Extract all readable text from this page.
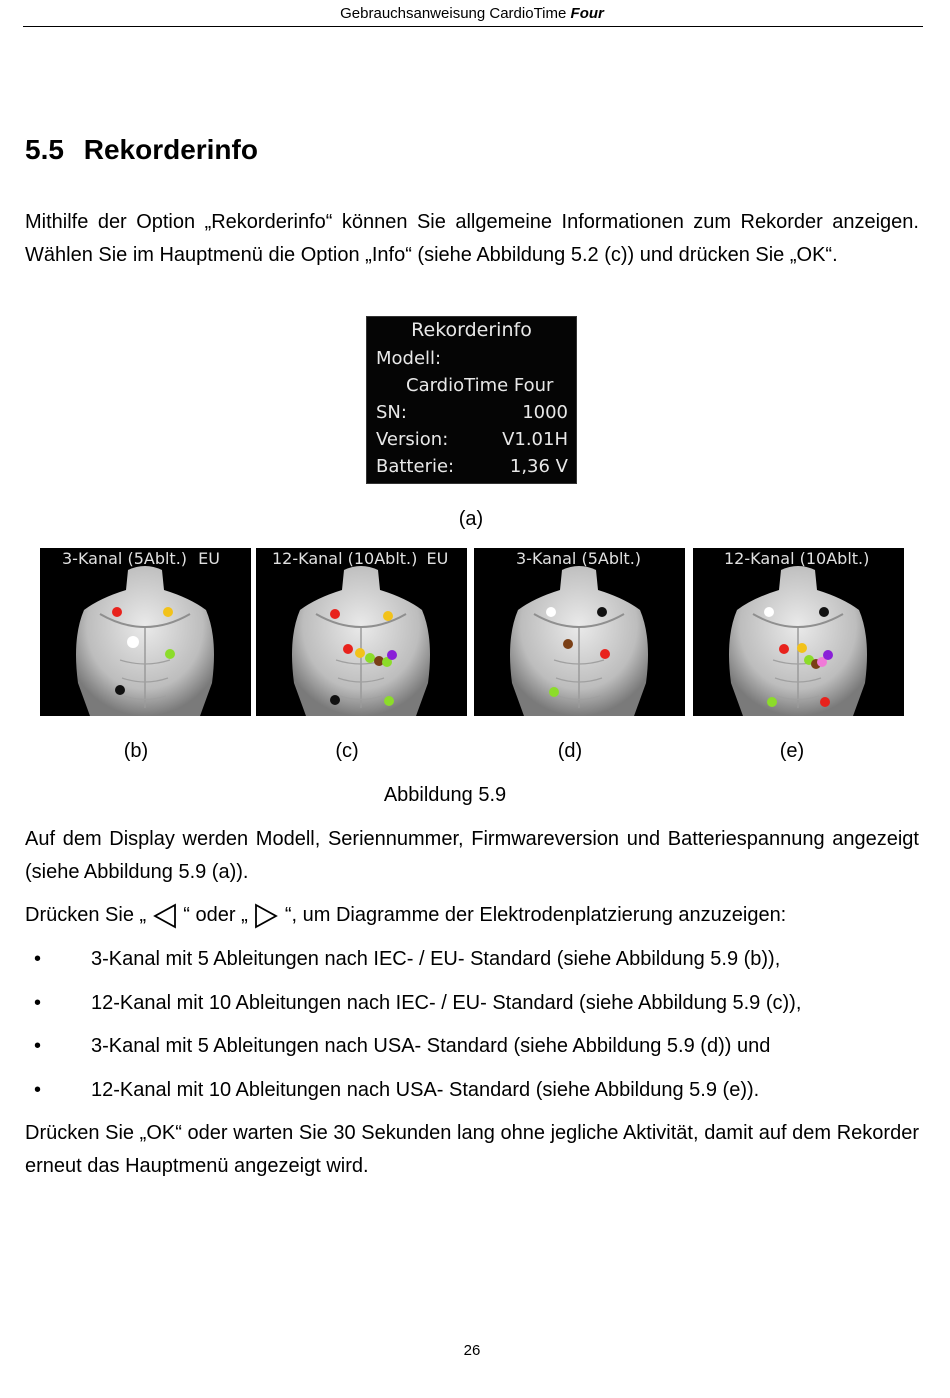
Gebrauchsanweisung CardioTime Four
5.5 Rekorderinfo
Mithilfe der Option „Rekorderinfo“ können Sie allgemeine Informationen zum Rekorder anzeigen. Wählen Sie im Hauptmenü die Option „Info“ (siehe Abbildung 5.2 (c)) und drücken Sie „OK“.
Rekorderinfo
Modell:
CardioTime Four
SN:	1000
Version:	V1.01H
Batterie:	1,36 V
(a)
3-Kanal (5Ablt.) EU	12-Kanal (10Ablt.) EU	3-Kanal (5Ablt.)	12-Kanal (10Ablt.)
(b)	(c)	(d)	(e)
Abbildung 5.9
Auf dem Display werden Modell, Seriennummer, Firmwareversion und Batteriespannung angezeigt (siehe Abbildung 5.9 (a)).
Drücken Sie „ “ oder „ “, um Diagramme der Elektrodenplatzierung anzuzeigen:
• 3-Kanal mit 5 Ableitungen nach IEC- / EU- Standard (siehe Abbildung 5.9 (b)),
• 12-Kanal mit 10 Ableitungen nach IEC- / EU- Standard (siehe Abbildung 5.9 (c)),
• 3-Kanal mit 5 Ableitungen nach USA- Standard (siehe Abbildung 5.9 (d)) und
• 12-Kanal mit 10 Ableitungen nach USA- Standard (siehe Abbildung 5.9 (e)).
Drücken Sie „OK“ oder warten Sie 30 Sekunden lang ohne jegliche Aktivität, damit auf dem Rekorder erneut das Hauptmenü angezeigt wird.
26
